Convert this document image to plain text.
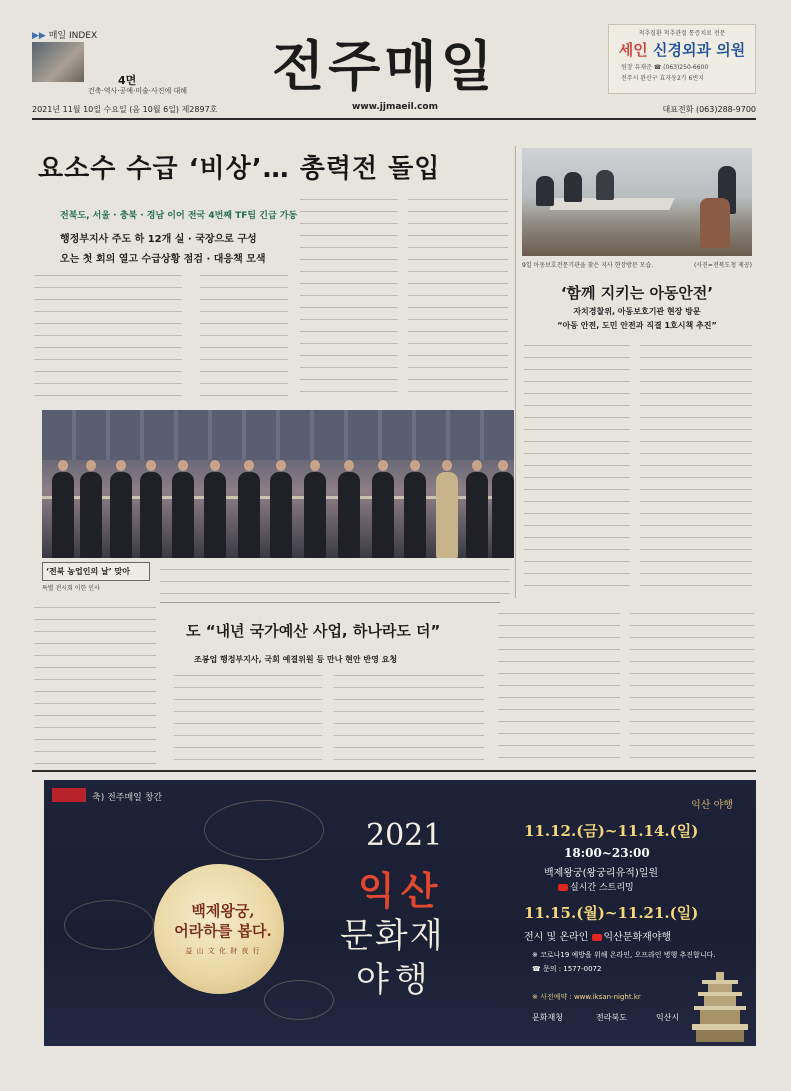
▶▶ 매일 INDEX
4면
건축·역사·공예·미술·사진에 대해 전주매일
www.jjmaeil.com
척추질환 척추관절 통증치료 전문
세인 신경외과 의원
원장 유재준 ☎ (063)250-6600
전주시 완산구 효자동2가 6번지
2021년 11월 10일 수요일 (음 10월 6일) 제2897호	대표전화 (063)288-9700
요소수 수급 ‘비상’… 총력전 돌입
전북도, 서울 · 충북 · 경남 이어 전국 4번째 TF팀 긴급 가동
행정부지사 주도 하 12개 실 · 국장으로 구성
오는 첫 회의 열고 수급상황 점검 · 대응책 모색
9일 아동보호전문기관을 찾은 지사 현장방문 모습.	(사진=전북도청 제공)
‘함께 지키는 아동안전’
자치경찰위, 아동보호기관 현장 방문
“아동 안전, 도민 안전과 직결 1호시책 추진”
‘전북 농업인의 날’ 맞아
특별 전시회 이한 인사
도 “내년 국가예산 사업, 하나라도 더”
조봉업 행정부지사, 국회 예결위원 등 만나 현안 반영 요청
축) 전주매일 창간
백제왕궁,
어라하를 봅다.
益 山 文 化 財 夜 行
2021
익산
문화재
야행
익산 야행
11.12.(금)~11.14.(일)
18:00~23:00
백제왕궁(왕궁리유적)일원
실시간 스트리밍
11.15.(월)~11.21.(일)
전시 및 온라인 익산문화재야행
※ 코로나19 예방을 위해 온라인, 오프라인 병행 추진합니다.
☎ 문의 : 1577-0072
※ 사전예약 : www.iksan-night.kr
문화재청	전라북도	익산시
